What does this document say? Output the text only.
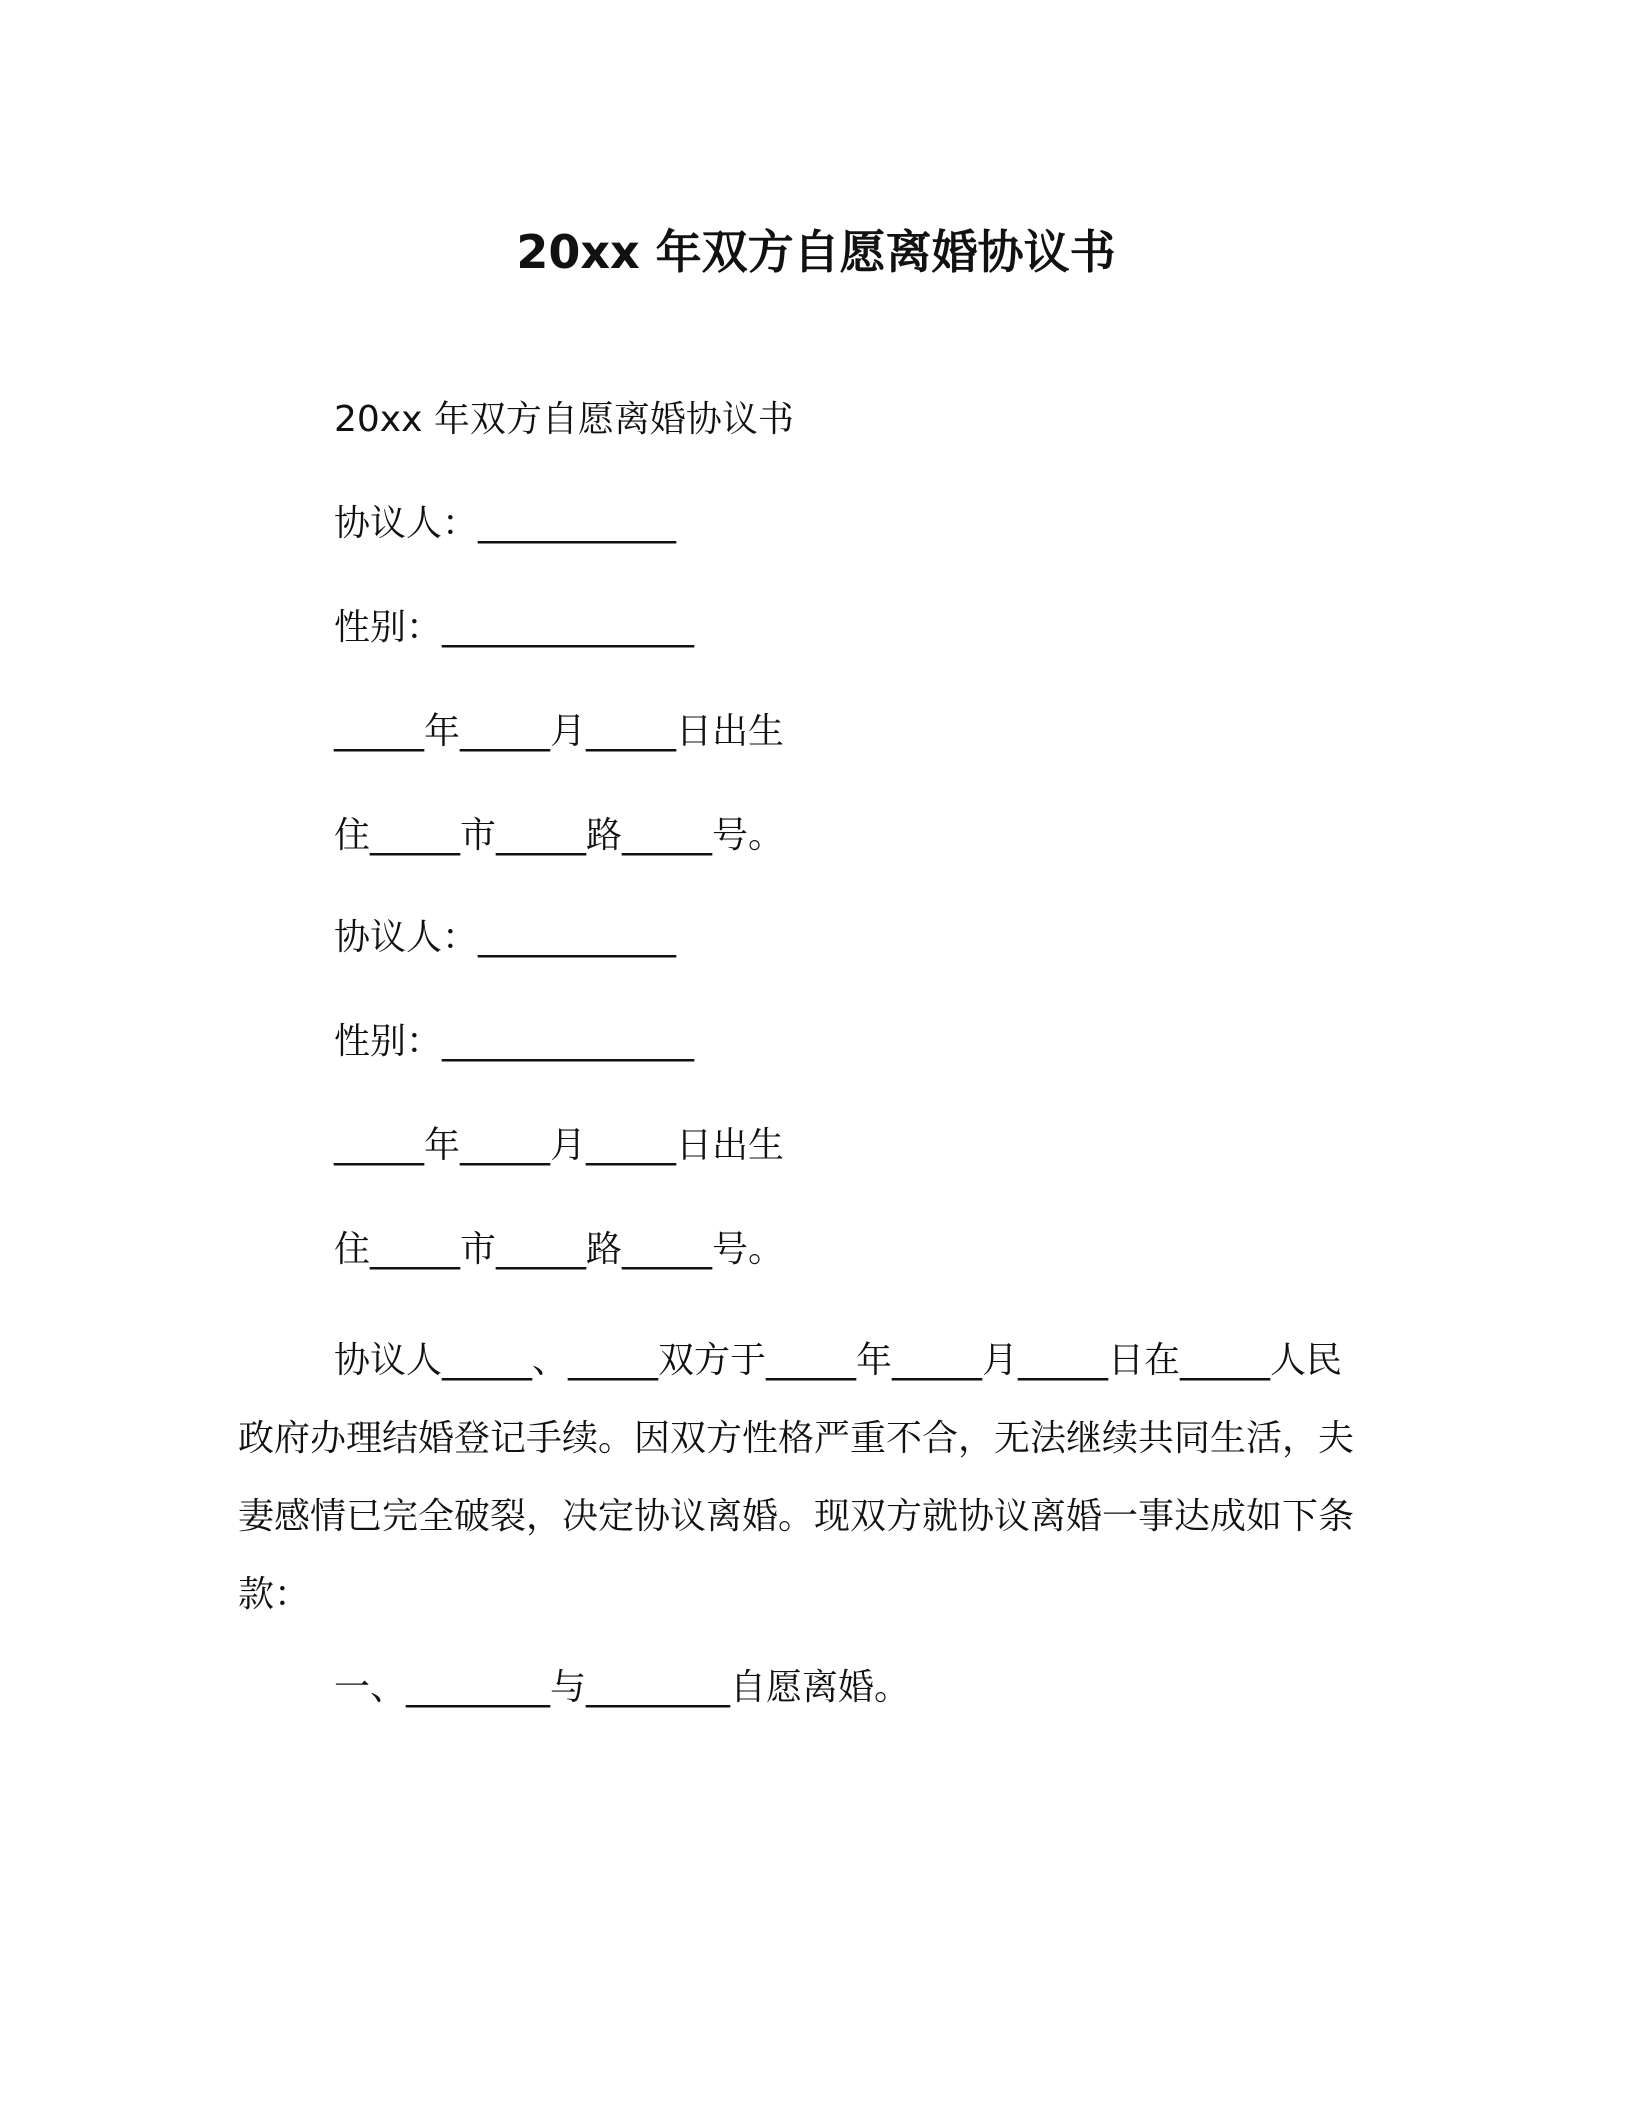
20xx 年双方自愿离婚协议书
20xx 年双方自愿离婚协议书
协议人：___________
性别：______________
_____年_____月_____日出生
住_____市_____路_____号。
协议人：___________
性别：______________
_____年_____月_____日出生
住_____市_____路_____号。
协议人_____、_____双方于_____年_____月_____日在_____人民政府办理结婚登记手续。因双方性格严重不合，无法继续共同生活，夫妻感情已完全破裂，决定协议离婚。现双方就协议离婚一事达成如下条款：
一、________与________自愿离婚。
